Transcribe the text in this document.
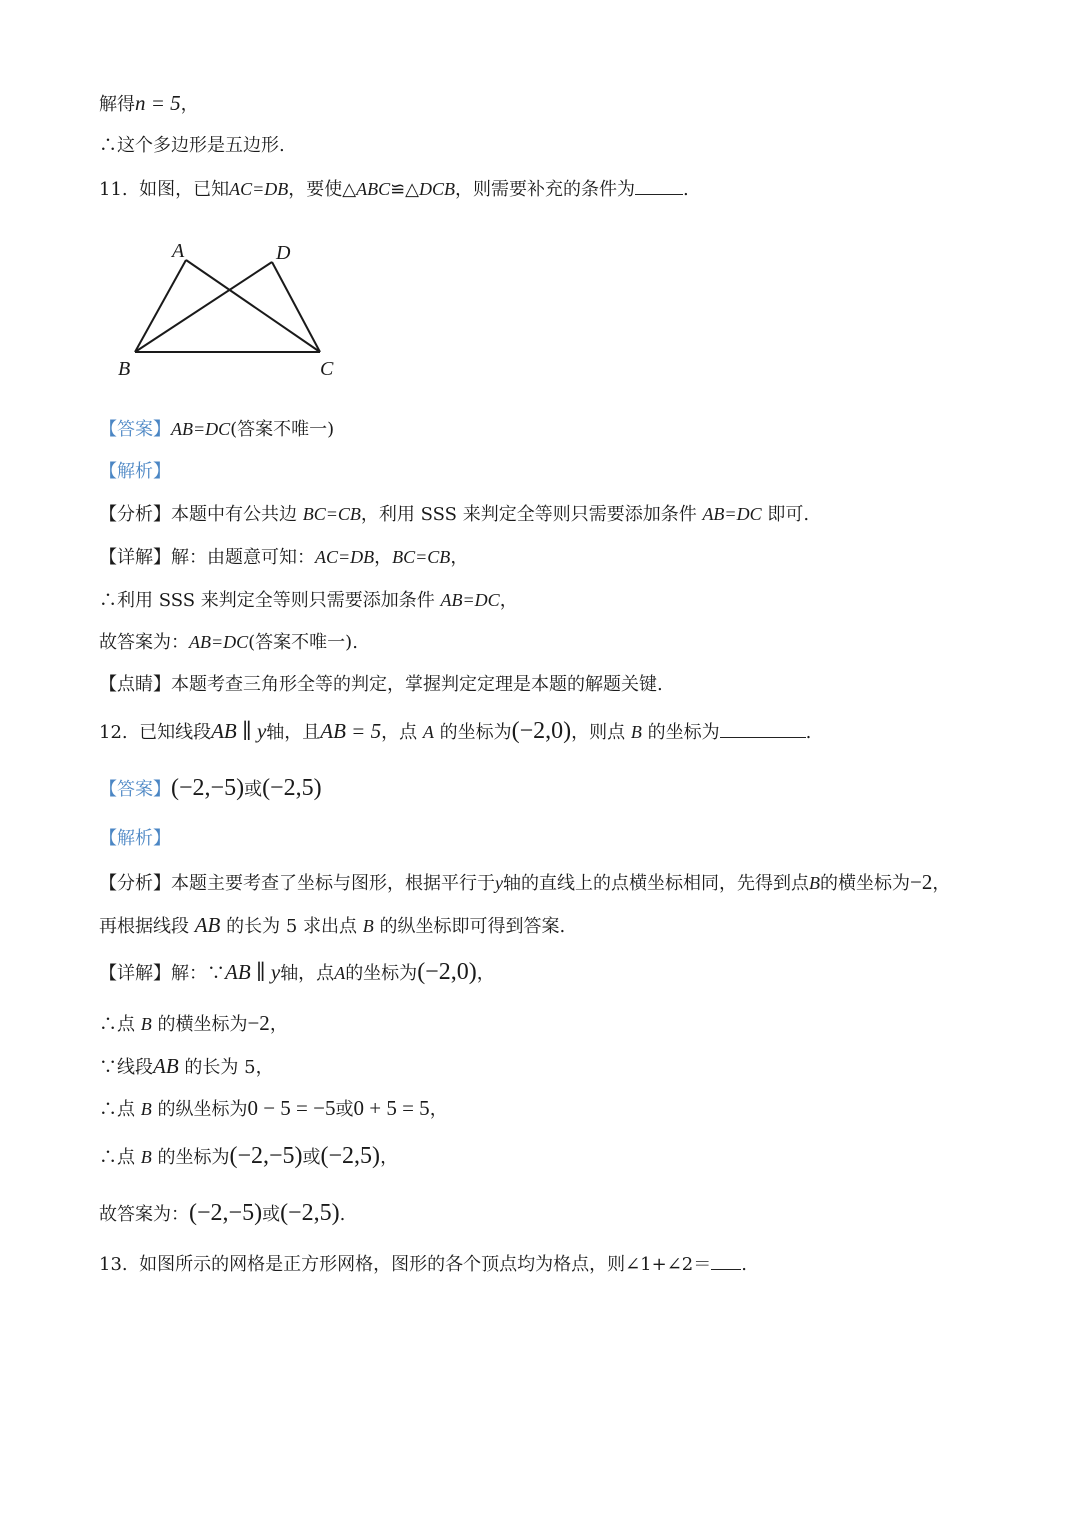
解得n = 5，
∴这个多边形是五边形.
11. 如图，已知AC=DB，要使△ABC≌△DCB，则需要补充的条件为	.
A	D
B	C
【答案】AB=DC(答案不唯一)
【解析】
【分析】本题中有公共边 BC=CB，利用 SSS 来判定全等则只需要添加条件 AB=DC 即可.
【详解】解：由题意可知：AC=DB，BC=CB，
∴利用 SSS 来判定全等则只需要添加条件 AB=DC，
故答案为：AB=DC(答案不唯一).
【点睛】本题考查三角形全等的判定，掌握判定定理是本题的解题关键.
12. 已知线段AB ∥ y轴，且AB = 5，点 A 的坐标为(−2,0)，则点 B 的坐标为	.
【答案】(−2,−5)或(−2,5)
【解析】
【分析】本题主要考查了坐标与图形，根据平行于y轴的直线上的点横坐标相同，先得到点B的横坐标为−2，
再根据线段 AB 的长为 5 求出点 B 的纵坐标即可得到答案.
【详解】解：∵AB ∥ y轴，点A的坐标为(−2,0)，
∴点 B 的横坐标为−2，
∵线段AB 的长为 5，
∴点 B 的纵坐标为0 − 5 = −5或0 + 5 = 5，
∴点 B 的坐标为(−2,−5)或(−2,5)，
故答案为：(−2,−5)或(−2,5).
13. 如图所示的网格是正方形网格，图形的各个顶点均为格点，则∠1+∠2＝ .
